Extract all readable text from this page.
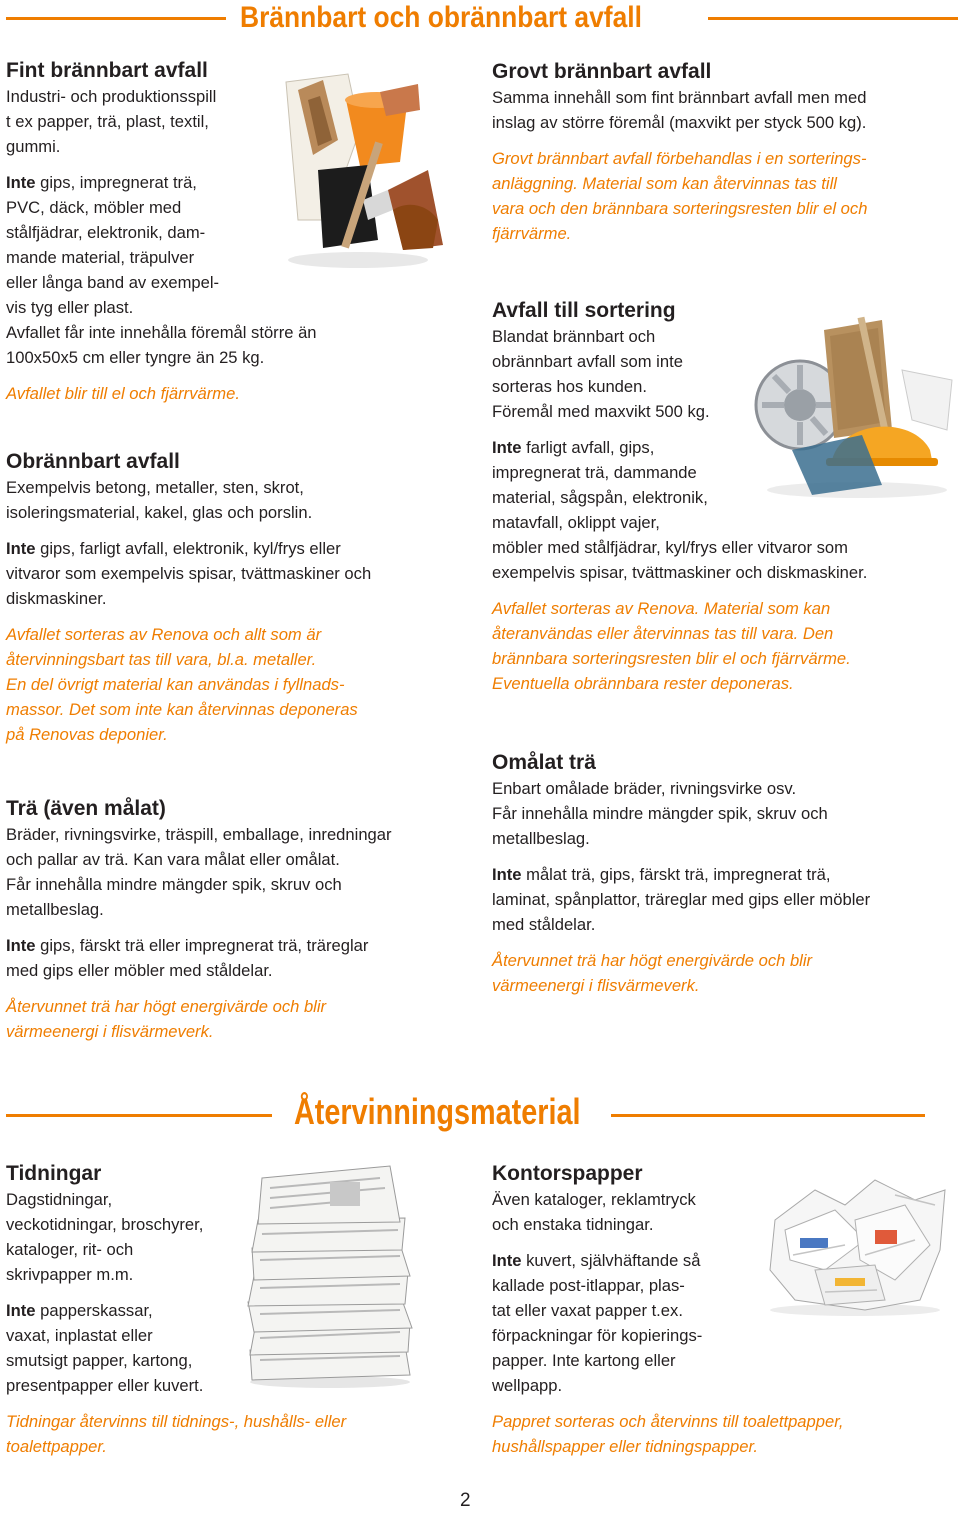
Brännbart och obrännbart avfall
Fint brännbart avfall

Industri- och produktionsspill
t ex papper, trä, plast, textil,
gummi.

Inte gips, impregnerat trä,
PVC, däck, möbler med
stålfjädrar, elektronik, dam-
mande material, träpulver
eller långa band av exempel-
vis tyg eller plast.
Avfallet får inte innehålla föremål större än
100x50x5 cm eller tyngre än 25 kg.

Avfallet blir till el och fjärrvärme.

Obrännbart avfall

Exempelvis betong, metaller, sten, skrot,
isoleringsmaterial, kakel, glas och porslin.

Inte gips, farligt avfall, elektronik, kyl/frys eller
vitvaror som exempelvis spisar, tvättmaskiner och
diskmaskiner.

Avfallet sorteras av Renova och allt som är
återvinningsbart tas till vara, bl.a. metaller.
En del övrigt material kan användas i fyllnads-
massor. Det som inte kan återvinnas deponeras
på Renovas deponier.

Trä (även målat)

Bräder, rivningsvirke, träspill, emballage, inredningar
och pallar av trä. Kan vara målat eller omålat.
Får innehålla mindre mängder spik, skruv och
metallbeslag.

Inte gips, färskt trä eller impregnerat trä, träreglar
med gips eller möbler med ståldelar.

Återvunnet trä har högt energivärde och blir
värmeenergi i flisvärmeverk.

Grovt brännbart avfall

Samma innehåll som fint brännbart avfall men med
inslag av större föremål (maxvikt per styck 500 kg).

Grovt brännbart avfall förbehandlas i en sorterings-
anläggning. Material som kan återvinnas tas till
vara och den brännbara sorteringsresten blir el och
fjärrvärme.

Avfall till sortering

Blandat brännbart och
obrännbart avfall som inte
sorteras hos kunden.
Föremål med maxvikt 500 kg.

Inte farligt avfall, gips,
impregnerat trä, dammande
material, sågspån, elektronik,
matavfall, oklippt vajer,
möbler med stålfjädrar, kyl/frys eller vitvaror som
exempelvis spisar, tvättmaskiner och diskmaskiner.

Avfallet sorteras av Renova. Material som kan
återanvändas eller återvinnas tas till vara. Den
brännbara sorteringsresten blir el och fjärrvärme.
Eventuella obrännbara rester deponeras.

Omålat trä

Enbart omålade bräder, rivningsvirke osv.
Får innehålla mindre mängder spik, skruv och
metallbeslag.

Inte målat trä, gips, färskt trä, impregnerat trä,
laminat, spånplattor, träreglar med gips eller möbler
med ståldelar.

Återvunnet trä har högt energivärde och blir
värmeenergi i flisvärmeverk.

Återvinningsmaterial
Tidningar

Dagstidningar,
veckotidningar, broschyrer,
kataloger, rit- och
skrivpapper m.m.

Inte papperskassar,
vaxat, inplastat eller
smutsigt papper, kartong,
presentpapper eller kuvert.

Tidningar återvinns till tidnings-, hushålls- eller
toalettpapper.

Kontorspapper

Även kataloger, reklamtryck
och enstaka tidningar.

Inte kuvert, självhäftande så
kallade post-itlappar, plas-
tat eller vaxat papper t.ex.
förpackningar för kopierings-
papper. Inte kartong eller
wellpapp.

Pappret sorteras och återvinns till toalettpapper,
hushållspapper eller tidningspapper.

2
